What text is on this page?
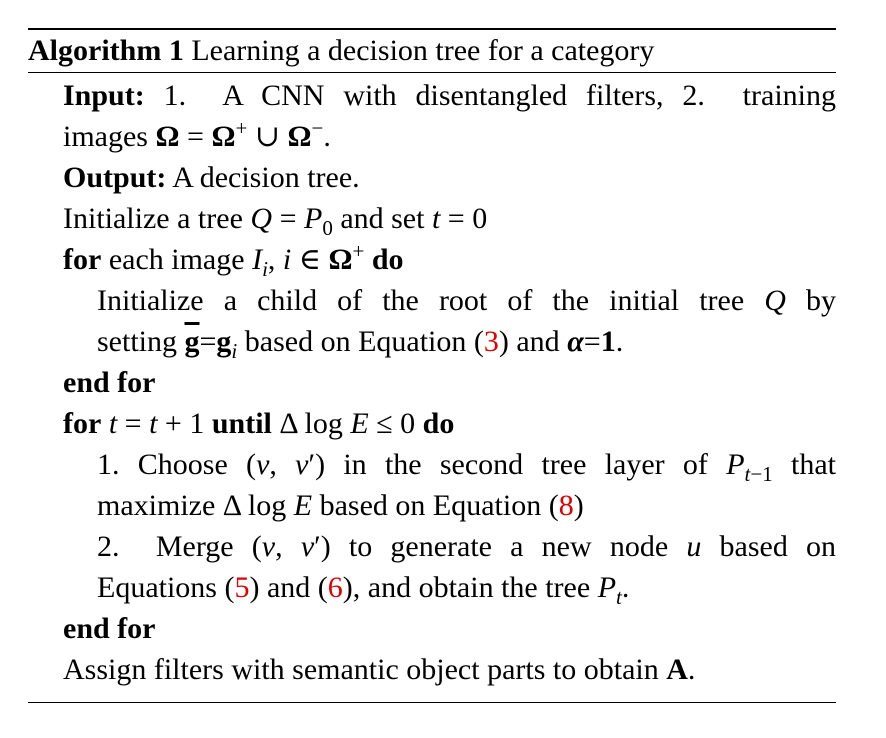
Algorithm 1 Learning a decision tree for a category
Input: 1.  A CNN with disentangled filters, 2.  training
images Ω = Ω+ ∪ Ω−.
Output: A decision tree.
Initialize a tree $Q = P_0$ and set t = 0
for each image $I_i$, i ∈ Ω+ do
Initialize a child of the root of the initial tree Q by
setting $\overline{g}=g_i$ based on Equation (3) and α=1.
end for
for t = t + 1 until Δ log E ≤ 0 do
1. Choose (v, v′) in the second tree layer of $P_{t-1}$ that
maximize Δ log E based on Equation (8)
2.  Merge (v, v′) to generate a new node u based on
Equations (5) and (6), and obtain the tree $P_t$.
end for
Assign filters with semantic object parts to obtain A.
